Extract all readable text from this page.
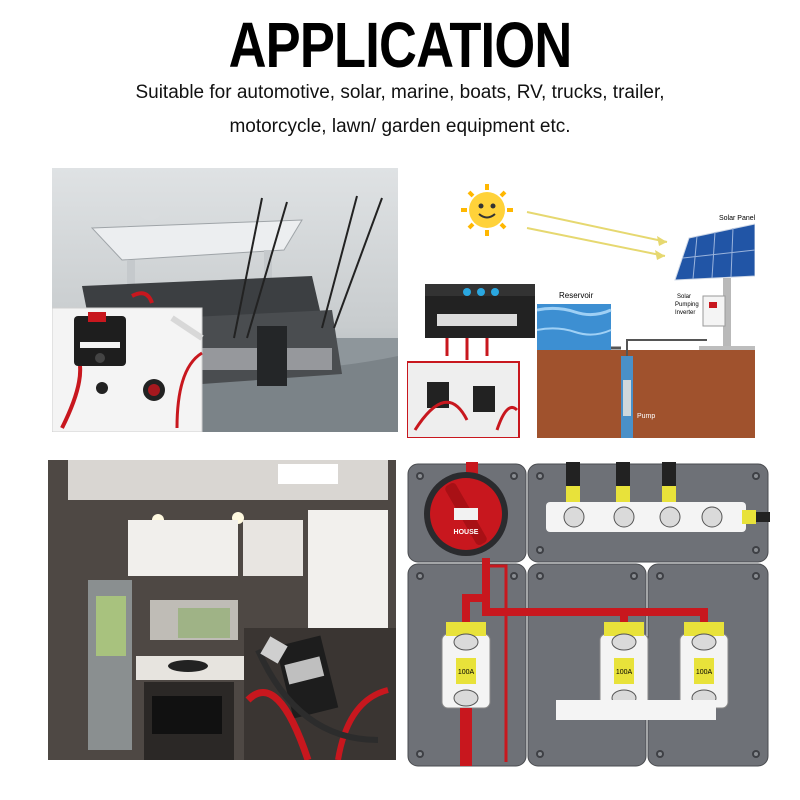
APPLICATION
Suitable for automotive, solar, marine, boats, RV, trucks, trailer,
motorcycle, lawn/ garden equipment etc.
Solar Panel
Reservoir	Solar
Pumping
Inverter
Pump
HOUSE
100A	100A	100A
